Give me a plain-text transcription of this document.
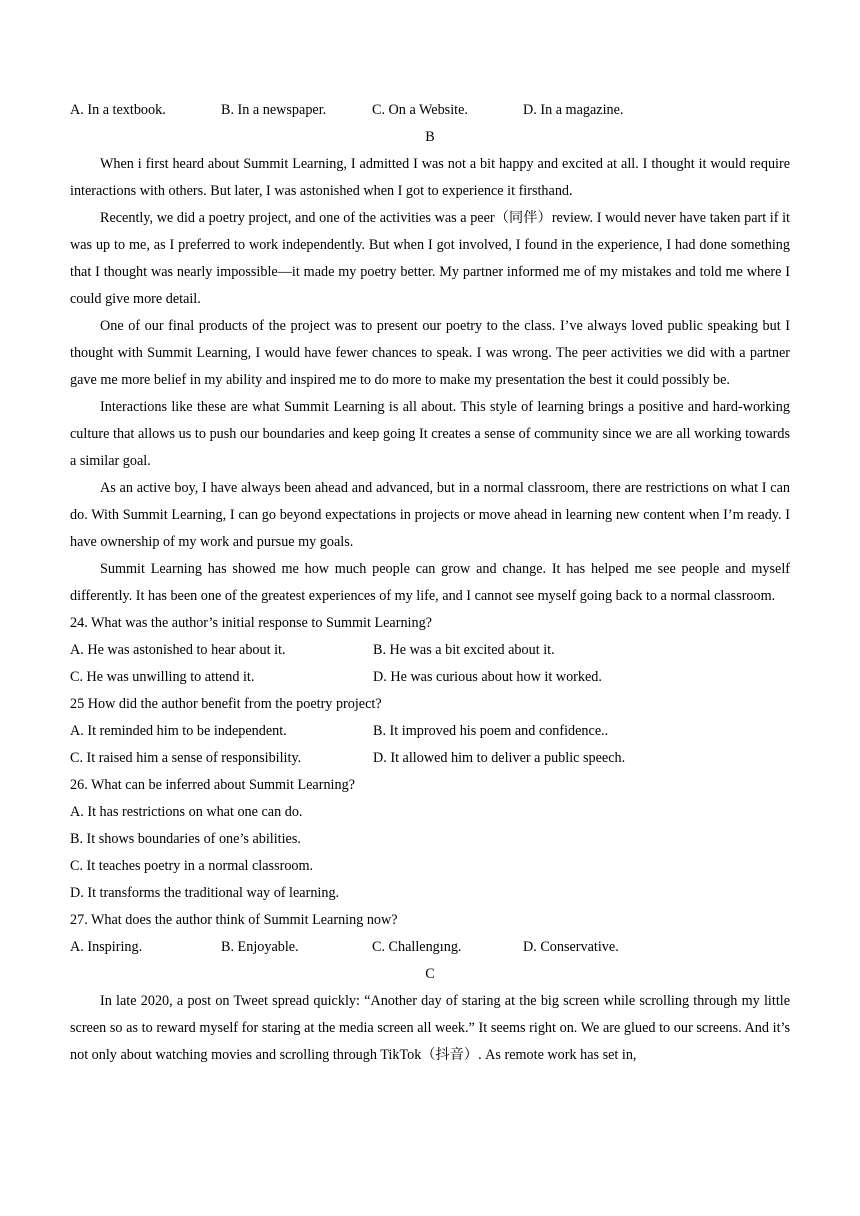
A. In a textbook.	B. In a newspaper.	C. On a Website.	D. In a magazine.
B

When i first heard about Summit Learning, I admitted I was not a bit happy and excited at all. I thought it would require interactions with others. But later, I was astonished when I got to experience it firsthand.

Recently, we did a poetry project, and one of the activities was a peer（同伴）review. I would never have taken part if it was up to me, as I preferred to work independently. But when I got involved, I found in the experience, I had done something that I thought was nearly impossible—it made my poetry better. My partner informed me of my mistakes and told me where I could give more detail.

One of our final products of the project was to present our poetry to the class. I’ve always loved public speaking but I thought with Summit Learning, I would have fewer chances to speak. I was wrong. The peer activities we did with a partner gave me more belief in my ability and inspired me to do more to make my presentation the best it could possibly be.

Interactions like these are what Summit Learning is all about. This style of learning brings a positive and hard-working culture that allows us to push our boundaries and keep going It creates a sense of community since we are all working towards a similar goal.

As an active boy, I have always been ahead and advanced, but in a normal classroom, there are restrictions on what I can do. With Summit Learning, I can go beyond expectations in projects or move ahead in learning new content when I’m ready. I have ownership of my work and pursue my goals.

Summit Learning has showed me how much people can grow and change. It has helped me see people and myself differently. It has been one of the greatest experiences of my life, and I cannot see myself going back to a normal classroom.

24. What was the author’s initial response to Summit Learning?
A. He was astonished to hear about it.	B. He was a bit excited about it.
C. He was unwilling to attend it.	D. He was curious about how it worked.
25 How did the author benefit from the poetry project?
A. It reminded him to be independent.	B. It improved his poem and confidence..
C. It raised him a sense of responsibility.	D. It allowed him to deliver a public speech.
26. What can be inferred about Summit Learning?
A. It has restrictions on what one can do.
B. It shows boundaries of one’s abilities.
C. It teaches poetry in a normal classroom.
D. It transforms the traditional way of learning.
27. What does the author think of Summit Learning now?
A. Inspiring.	B. Enjoyable.	C. Challengıng.	D. Conservative.
C

In late 2020, a post on Tweet spread quickly: “Another day of staring at the big screen while scrolling through my little screen so as to reward myself for staring at the media screen all week.” It seems right on. We are glued to our screens. And it’s not only about watching movies and scrolling through TikTok（抖音）. As remote work has set in,
